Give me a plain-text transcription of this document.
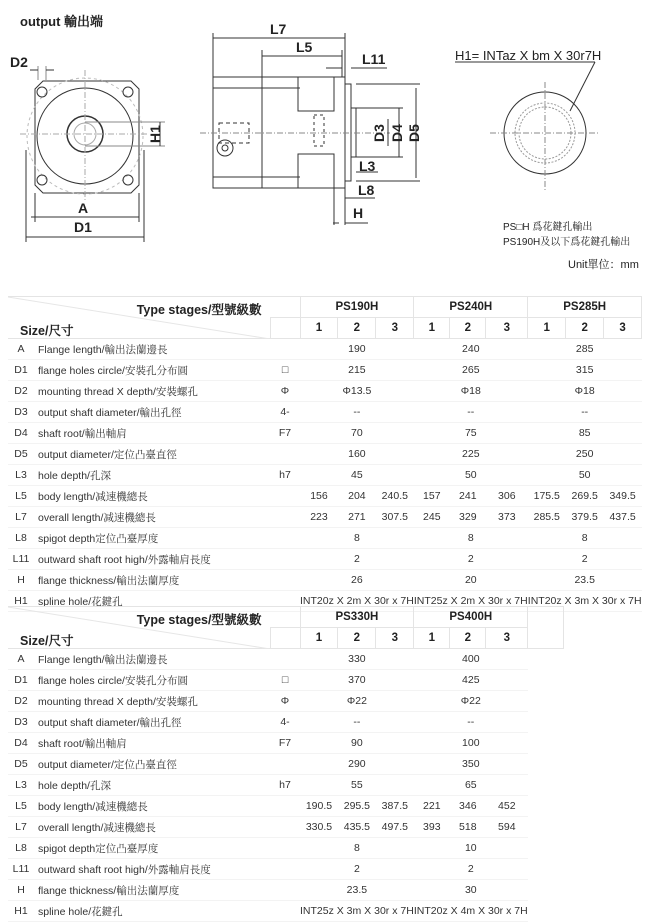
output 輸出端
D2
A
D1
H1
L7
L5
L11
D3 D4 D5
L3
L8
H
H1= INTaz X bm X 30r7H
PS□H 爲花鍵孔輸出
PS190H及以下爲花鍵孔輸出
Unit單位：mm
Type stages/型號級數
Size/尺寸			PS190H			PS240H			PS285H		
			1	2	3	1	2	3	1	2	3
A	Flange length/輸出法蘭邊長		190			240			285		
D1	flange holes circle/安裝孔分布圓	□	215			265			315		
D2	mounting thread X depth/安裝螺孔	Φ	Φ13.5			Φ18			Φ18		
D3	output shaft diameter/輸出孔徑	4-	--			--			--		
D4	shaft root/輸出軸肩	F7	70			75			85		
D5	output diameter/定位凸臺直徑		160			225			250		
L3	hole depth/孔深	h7	45			50			50		
L5	body length/减速機總長		156	204	240.5	157	241	306	175.5	269.5	349.5
L7	overall length/减速機總長		223	271	307.5	245	329	373	285.5	379.5	437.5
L8	spigot depth定位凸臺厚度		8			8			8		
L11	outward shaft root high/外露軸肩長度		2			2			2		
H	flange thickness/輸出法蘭厚度		26			20			23.5		
H1	spline hole/花鍵孔		INT20z X 2m X 30r x 7H			INT25z X 2m X 30r x 7H			INT20z X 3m X 30r x 7H		
Type stages/型號級數
Size/尺寸			PS330H			PS400H			
			1	2	3	1	2	3	
A	Flange length/輸出法蘭邊長		330			400			
D1	flange holes circle/安裝孔分布圓	□	370			425			
D2	mounting thread X depth/安裝螺孔	Φ	Φ22			Φ22			
D3	output shaft diameter/輸出孔徑	4-	--			--			
D4	shaft root/輸出軸肩	F7	90			100			
D5	output diameter/定位凸臺直徑		290			350			
L3	hole depth/孔深	h7	55			65			
L5	body length/减速機總長		190.5	295.5	387.5	221	346	452	
L7	overall length/减速機總長		330.5	435.5	497.5	393	518	594	
L8	spigot depth定位凸臺厚度		8			10			
L11	outward shaft root high/外露軸肩長度		2			2			
H	flange thickness/輸出法蘭厚度		23.5			30			
H1	spline hole/花鍵孔		INT25z X 3m X 30r x 7H			INT20z X 4m X 30r x 7H			
